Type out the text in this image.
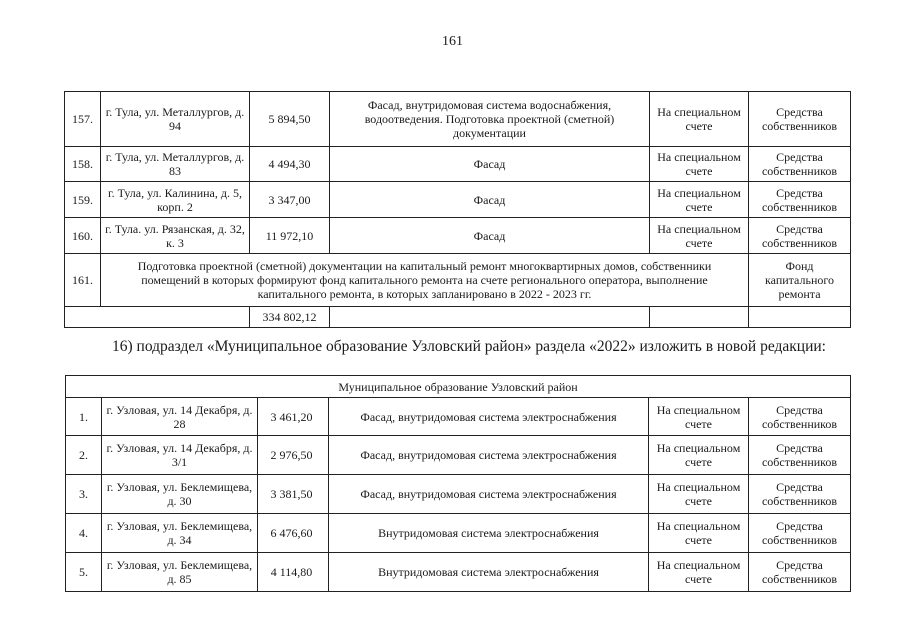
161
157.	г. Тула, ул. Металлургов, д. 94	5 894,50	Фасад, внутридомовая система водоснабжения, водоотведения. Подготовка проектной (сметной) документации	На специальном счете	Средства собственников
158.	г. Тула, ул. Металлургов, д. 83	4 494,30	Фасад	На специальном счете	Средства собственников
159.	г. Тула, ул. Калинина, д. 5, корп. 2	3 347,00	Фасад	На специальном счете	Средства собственников
160.	г. Тула. ул. Рязанская, д. 32, к. 3	11 972,10	Фасад	На специальном счете	Средства собственников
161.	Подготовка проектной (сметной) документации на капитальный ремонт многоквартирных домов, собственники помещений в которых формируют фонд капитального ремонта на счете регионального оператора, выполнение капитального ремонта, в которых запланировано в 2022 - 2023 гг.				Фонд капитального ремонта
		334 802,12			
16) подраздел «Муниципальное образование Узловский район» раздела «2022» изложить в новой редакции:
Муниципальное образование Узловский район					
1.	г. Узловая, ул. 14 Декабря, д. 28	3 461,20	Фасад, внутридомовая система электроснабжения	На специальном счете	Средства собственников
2.	г. Узловая, ул. 14 Декабря, д. 3/1	2 976,50	Фасад, внутридомовая система электроснабжения	На специальном счете	Средства собственников
3.	г. Узловая, ул. Беклемищева, д. 30	3 381,50	Фасад, внутридомовая система электроснабжения	На специальном счете	Средства собственников
4.	г. Узловая, ул. Беклемищева, д. 34	6 476,60	Внутридомовая система электроснабжения	На специальном счете	Средства собственников
5.	г. Узловая, ул. Беклемищева, д. 85	4 114,80	Внутридомовая система электроснабжения	На специальном счете	Средства собственников
